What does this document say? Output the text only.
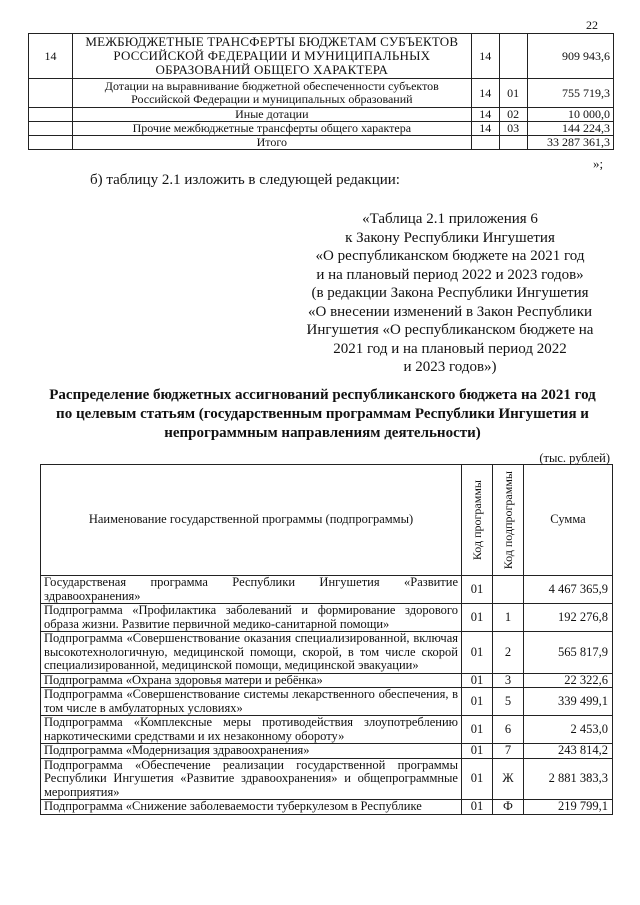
22
14	МЕЖБЮДЖЕТНЫЕ ТРАНСФЕРТЫ БЮДЖЕТАМ СУБЪЕКТОВ РОССИЙСКОЙ ФЕДЕРАЦИИ И МУНИЦИПАЛЬНЫХ ОБРАЗОВАНИЙ ОБЩЕГО ХАРАКТЕРА	14		909 943,6
	Дотации на выравнивание бюджетной обеспеченности субъектов Российской Федерации и муниципальных образований	14	01	755 719,3
	Иные дотации	14	02	10 000,0
	Прочие межбюджетные трансферты общего характера	14	03	144 224,3
	Итого			33 287 361,3
»;
б) таблицу 2.1 изложить в следующей редакции:
«Таблица 2.1 приложения 6
к Закону Республики Ингушетия
«О республиканском бюджете на 2021 год
и на плановый период 2022 и 2023 годов»
(в редакции Закона Республики Ингушетия
«О внесении изменений в Закон Республики
Ингушетия «О республиканском бюджете на
2021 год и на плановый период 2022
и 2023 годов»)
Распределение бюджетных ассигнований республиканского бюджета на 2021 год по целевым статьям (государственным программам Республики Ингушетия и непрограммным направлениям деятельности)
(тыс. рублей)
Наименование государственной программы (подпрограммы)	Код программы	Код подпрограммы	Сумма
Государственая программа Республики Ингушетия «Развитие здравоохранения»	01		4 467 365,9
Подпрограмма «Профилактика заболеваний и формирование здорового образа жизни. Развитие первичной медико-санитарной помощи»	01	1	192 276,8
Подпрограмма «Совершенствование оказания специализированной, включая высокотехнологичную, медицинской помощи, скорой, в том числе скорой специализированной, медицинской помощи, медицинской эвакуации»	01	2	565 817,9
Подпрограмма «Охрана здоровья матери и ребёнка»	01	3	22 322,6
Подпрограмма «Совершенствование системы лекарственного обеспечения, в том числе в амбулаторных условиях»	01	5	339 499,1
Подпрограмма «Комплексные меры противодействия злоупотреблению наркотическими средствами и их незаконному обороту»	01	6	2 453,0
Подпрограмма «Модернизация здравоохранения»	01	7	243 814,2
Подпрограмма «Обеспечение реализации государственной программы Республики Ингушетия «Развитие здравоохранения» и общепрограммные мероприятия»	01	Ж	2 881 383,3
Подпрограмма «Снижение заболеваемости туберкулезом в Республике	01	Ф	219 799,1
